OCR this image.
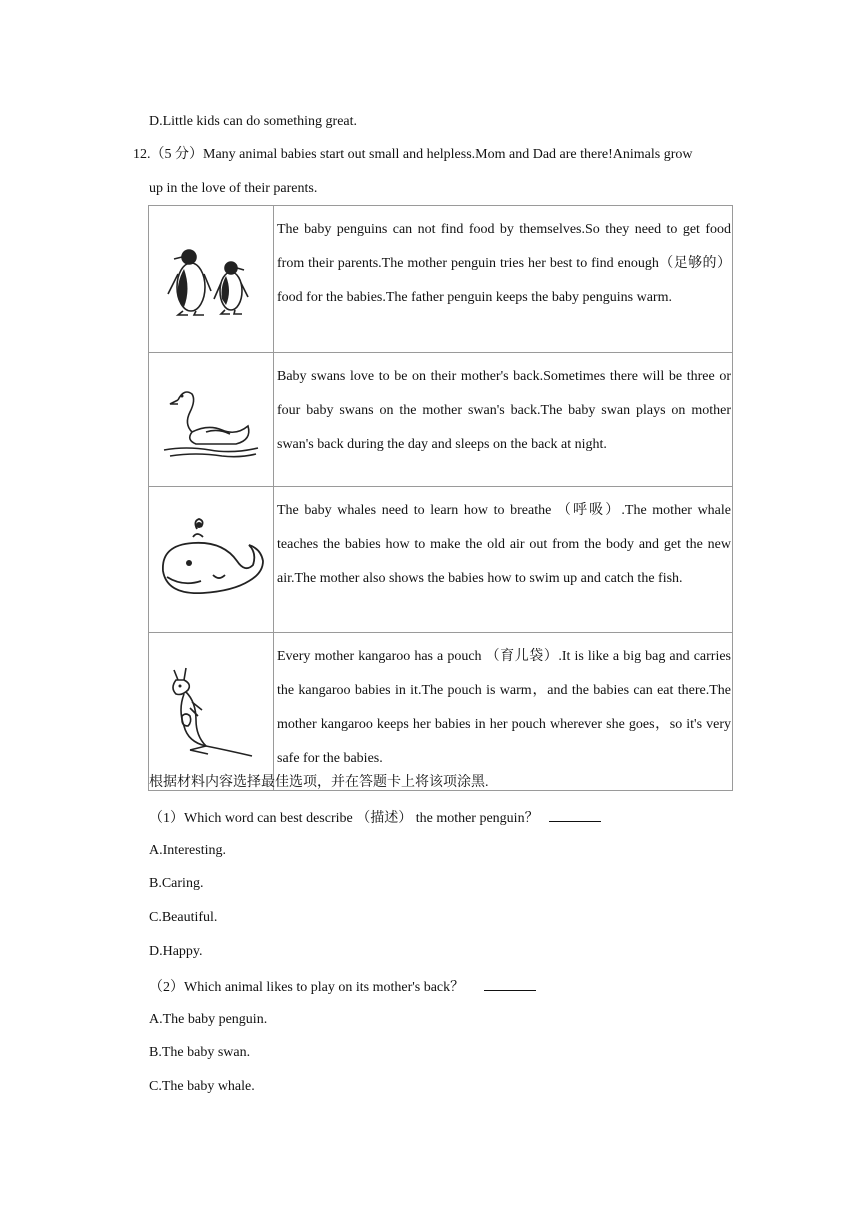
D.Little kids can do something great.
12.（5 分）Many animal babies start out small and helpless.Mom and Dad are there!Animals grow
up in the love of their parents.
	The baby penguins can not find food by themselves.So they need to get food from their parents.The mother penguin tries her best to find enough（足够的） food for the babies.The father penguin keeps the baby penguins warm.

	Baby swans love to be on their mother's back.Sometimes there will be three or four baby swans on the mother swan's back.The baby swan plays on mother swan's back during the day and sleeps on the back at night.

	The baby whales need to learn how to breathe （呼吸）.The mother whale teaches the babies how to make the old air out from the body and get the new air.The mother also shows the babies how to swim up and catch the fish.

	Every mother kangaroo has a pouch （育儿袋）.It is like a big bag and carries the kangaroo babies in it.The pouch is warm，and the babies can eat there.The mother kangaroo keeps her babies in her pouch wherever she goes，so it's very safe for the babies.
根据材料内容选择最佳选项，并在答题卡上将该项涂黑.
（1）Which word can best describe （描述） the mother penguin？
A.Interesting.
B.Caring.
C.Beautiful.
D.Happy.
（2）Which animal likes to play on its mother's back？
A.The baby penguin.
B.The baby swan.
C.The baby whale.
